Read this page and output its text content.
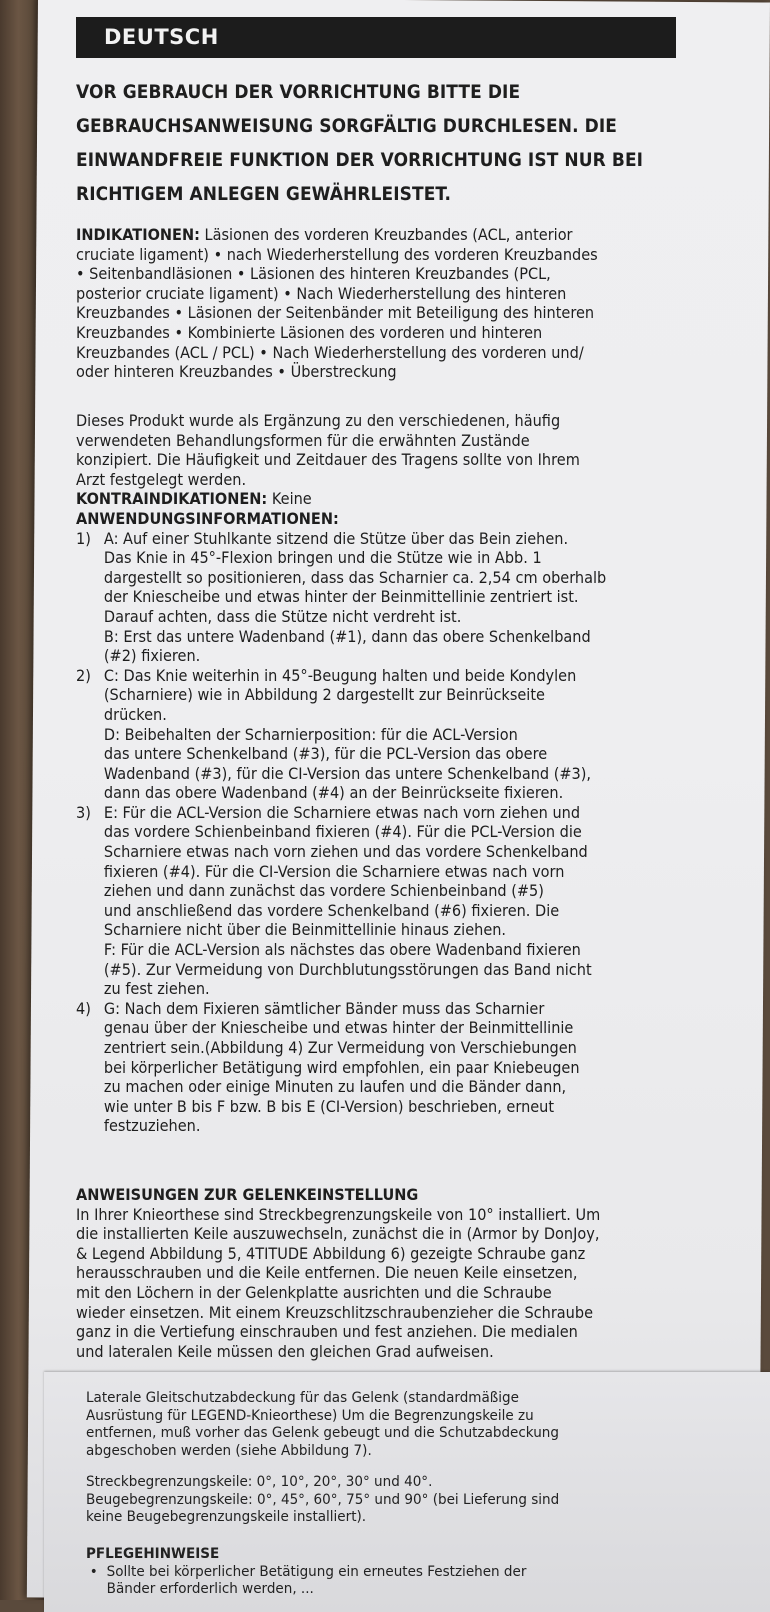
DEUTSCH
VOR GEBRAUCH DER VORRICHTUNG BITTE DIE
GEBRAUCHSANWEISUNG SORGFÄLTIG DURCHLESEN. DIE
EINWANDFREIE FUNKTION DER VORRICHTUNG IST NUR BEI
RICHTIGEM ANLEGEN GEWÄHRLEISTET.

INDIKATIONEN: Läsionen des vorderen Kreuzbandes (ACL, anterior

cruciate ligament) • nach Wiederherstellung des vorderen Kreuzbandes

• Seitenbandläsionen • Läsionen des hinteren Kreuzbandes (PCL,

posterior cruciate ligament) • Nach Wiederherstellung des hinteren

Kreuzbandes • Läsionen der Seitenbänder mit Beteiligung des hinteren

Kreuzbandes • Kombinierte Läsionen des vorderen und hinteren

Kreuzbandes (ACL / PCL) • Nach Wiederherstellung des vorderen und/

oder hinteren Kreuzbandes • Überstreckung

Dieses Produkt wurde als Ergänzung zu den verschiedenen, häufig

verwendeten Behandlungsformen für die erwähnten Zustände

konzipiert. Die Häufigkeit und Zeitdauer des Tragens sollte von Ihrem

Arzt festgelegt werden.

KONTRAINDIKATIONEN: Keine

ANWENDUNGSINFORMATIONEN:

1) A: Auf einer Stuhlkante sitzend die Stütze über das Bein ziehen.

Das Knie in 45°-Flexion bringen und die Stütze wie in Abb. 1

dargestellt so positionieren, dass das Scharnier ca. 2,54 cm oberhalb

der Kniescheibe und etwas hinter der Beinmittellinie zentriert ist.

Darauf achten, dass die Stütze nicht verdreht ist.

B: Erst das untere Wadenband (#1), dann das obere Schenkelband

(#2) fixieren.

2) C: Das Knie weiterhin in 45°-Beugung halten und beide Kondylen

(Scharniere) wie in Abbildung 2 dargestellt zur Beinrückseite

drücken.

D: Beibehalten der Scharnierposition: für die ACL-Version

das untere Schenkelband (#3), für die PCL-Version das obere

Wadenband (#3), für die CI-Version das untere Schenkelband (#3),

dann das obere Wadenband (#4) an der Beinrückseite fixieren.

3) E: Für die ACL-Version die Scharniere etwas nach vorn ziehen und

das vordere Schienbeinband fixieren (#4). Für die PCL-Version die

Scharniere etwas nach vorn ziehen und das vordere Schenkelband

fixieren (#4). Für die CI-Version die Scharniere etwas nach vorn

ziehen und dann zunächst das vordere Schienbeinband (#5)

und anschließend das vordere Schenkelband (#6) fixieren. Die

Scharniere nicht über die Beinmittellinie hinaus ziehen.

F: Für die ACL-Version als nächstes das obere Wadenband fixieren

(#5). Zur Vermeidung von Durchblutungsstörungen das Band nicht

zu fest ziehen.

4) G: Nach dem Fixieren sämtlicher Bänder muss das Scharnier

genau über der Kniescheibe und etwas hinter der Beinmittellinie

zentriert sein.(Abbildung 4) Zur Vermeidung von Verschiebungen

bei körperlicher Betätigung wird empfohlen, ein paar Kniebeugen

zu machen oder einige Minuten zu laufen und die Bänder dann,

wie unter B bis F bzw. B bis E (CI-Version) beschrieben, erneut

festzuziehen.

ANWEISUNGEN ZUR GELENKEINSTELLUNG

In Ihrer Knieorthese sind Streckbegrenzungskeile von 10° installiert. Um

die installierten Keile auszuwechseln, zunächst die in (Armor by DonJoy,

& Legend Abbildung 5, 4TITUDE Abbildung 6) gezeigte Schraube ganz

herausschrauben und die Keile entfernen. Die neuen Keile einsetzen,

mit den Löchern in der Gelenkplatte ausrichten und die Schraube

wieder einsetzen. Mit einem Kreuzschlitzschraubenzieher die Schraube

ganz in die Vertiefung einschrauben und fest anziehen. Die medialen

und lateralen Keile müssen den gleichen Grad aufweisen.

Laterale Gleitschutzabdeckung für das Gelenk (standardmäßige

Ausrüstung für LEGEND-Knieorthese) Um die Begrenzungskeile zu

entfernen, muß vorher das Gelenk gebeugt und die Schutzabdeckung

abgeschoben werden (siehe Abbildung 7).

Streckbegrenzungskeile: 0°, 10°, 20°, 30° und 40°.

Beugebegrenzungskeile: 0°, 45°, 60°, 75° und 90° (bei Lieferung sind

keine Beugebegrenzungskeile installiert).

PFLEGEHINWEISE

• Sollte bei körperlicher Betätigung ein erneutes Festziehen der

Bänder erforderlich werden, ...
